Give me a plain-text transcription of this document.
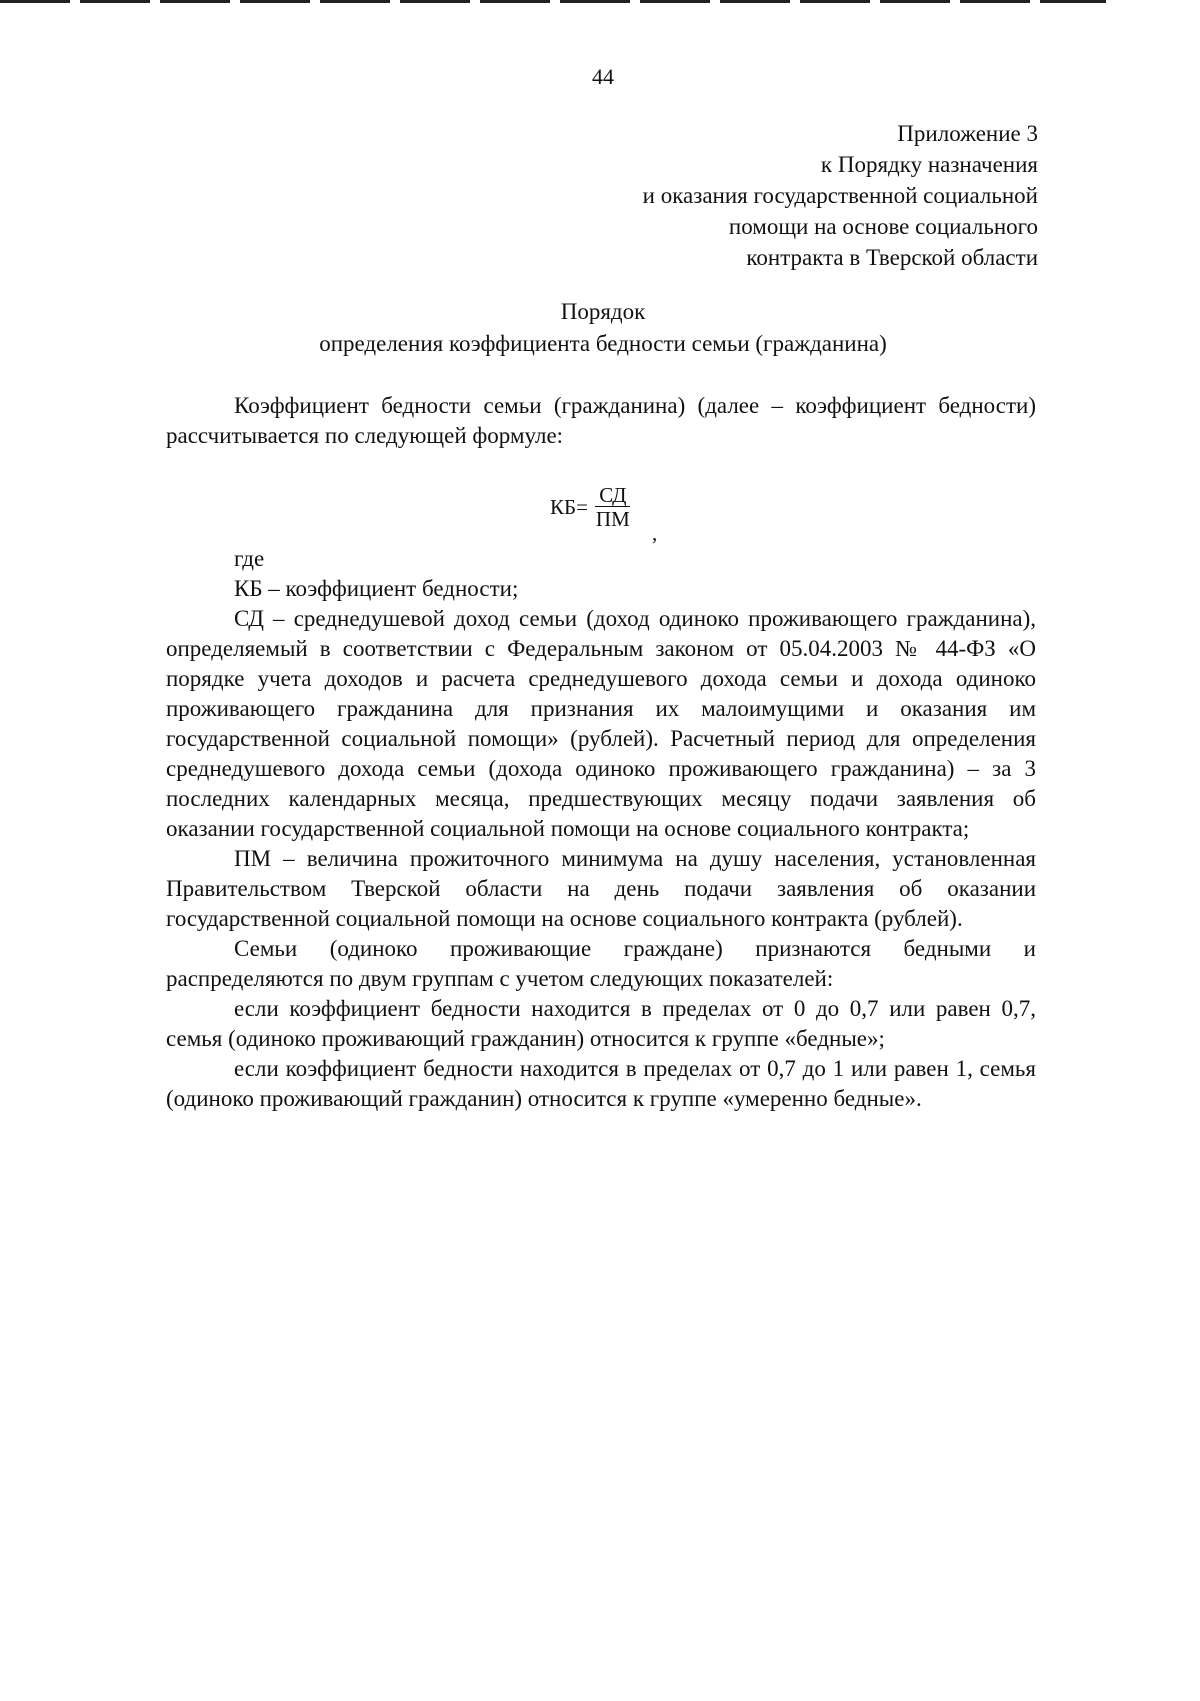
44
Приложение 3
к Порядку назначения
и оказания государственной социальной
помощи на основе социального
контракта в Тверской области
Порядок
определения коэффициента бедности семьи (гражданина)

Коэффициент бедности семьи (гражданина) (далее – коэффициент бедности) рассчитывается по следующей формуле:

КБ = $\frac{СД}{ПМ}$
,

где

КБ – коэффициент бедности;

СД – среднедушевой доход семьи (доход одиноко проживающего гражданина), определяемый в соответствии с Федеральным законом от 05.04.2003 № 44-ФЗ «О порядке учета доходов и расчета среднедушевого дохода семьи и дохода одиноко проживающего гражданина для признания их малоимущими и оказания им государственной социальной помощи» (рублей). Расчетный период для определения среднедушевого дохода семьи (дохода одиноко проживающего гражданина) – за 3 последних календарных месяца, предшествующих месяцу подачи заявления об оказании государственной социальной помощи на основе социального контракта;

ПМ – величина прожиточного минимума на душу населения, установленная Правительством Тверской области на день подачи заявления об оказании государственной социальной помощи на основе социального контракта (рублей).

Семьи (одиноко проживающие граждане) признаются бедными и распределяются по двум группам с учетом следующих показателей:

если коэффициент бедности находится в пределах от 0 до 0,7 или равен 0,7, семья (одиноко проживающий гражданин) относится к группе «бедные»;

если коэффициент бедности находится в пределах от 0,7 до 1 или равен 1, семья (одиноко проживающий гражданин) относится к группе «умеренно бедные».
